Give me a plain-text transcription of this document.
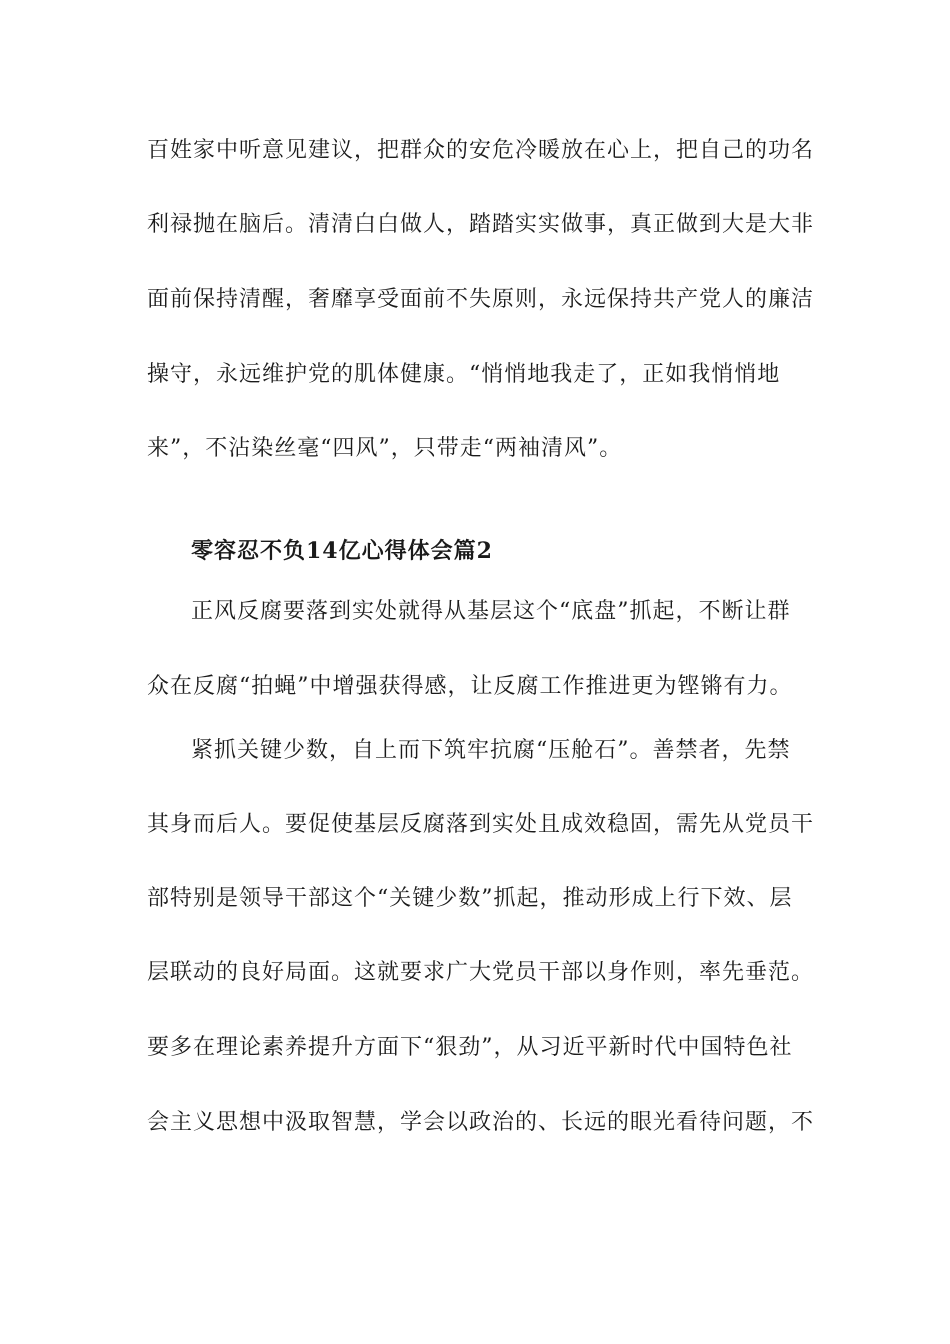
百姓家中听意见建议，把群众的安危冷暖放在心上，把自己的功名
利禄抛在脑后。清清白白做人，踏踏实实做事，真正做到大是大非
面前保持清醒，奢靡享受面前不失原则，永远保持共产党人的廉洁
操守，永远维护党的肌体健康。“悄悄地我走了，正如我悄悄地
来”，不沾染丝毫“四风”，只带走“两袖清风”。
零容忍不负14亿心得体会篇2
正风反腐要落到实处就得从基层这个“底盘”抓起，不断让群
众在反腐“拍蝇”中增强获得感，让反腐工作推进更为铿锵有力。
紧抓关键少数，自上而下筑牢抗腐“压舱石”。善禁者，先禁
其身而后人。要促使基层反腐落到实处且成效稳固，需先从党员干
部特别是领导干部这个“关键少数”抓起，推动形成上行下效、层
层联动的良好局面。这就要求广大党员干部以身作则，率先垂范。
要多在理论素养提升方面下“狠劲”，从习近平新时代中国特色社
会主义思想中汲取智慧，学会以政治的、长远的眼光看待问题，不
